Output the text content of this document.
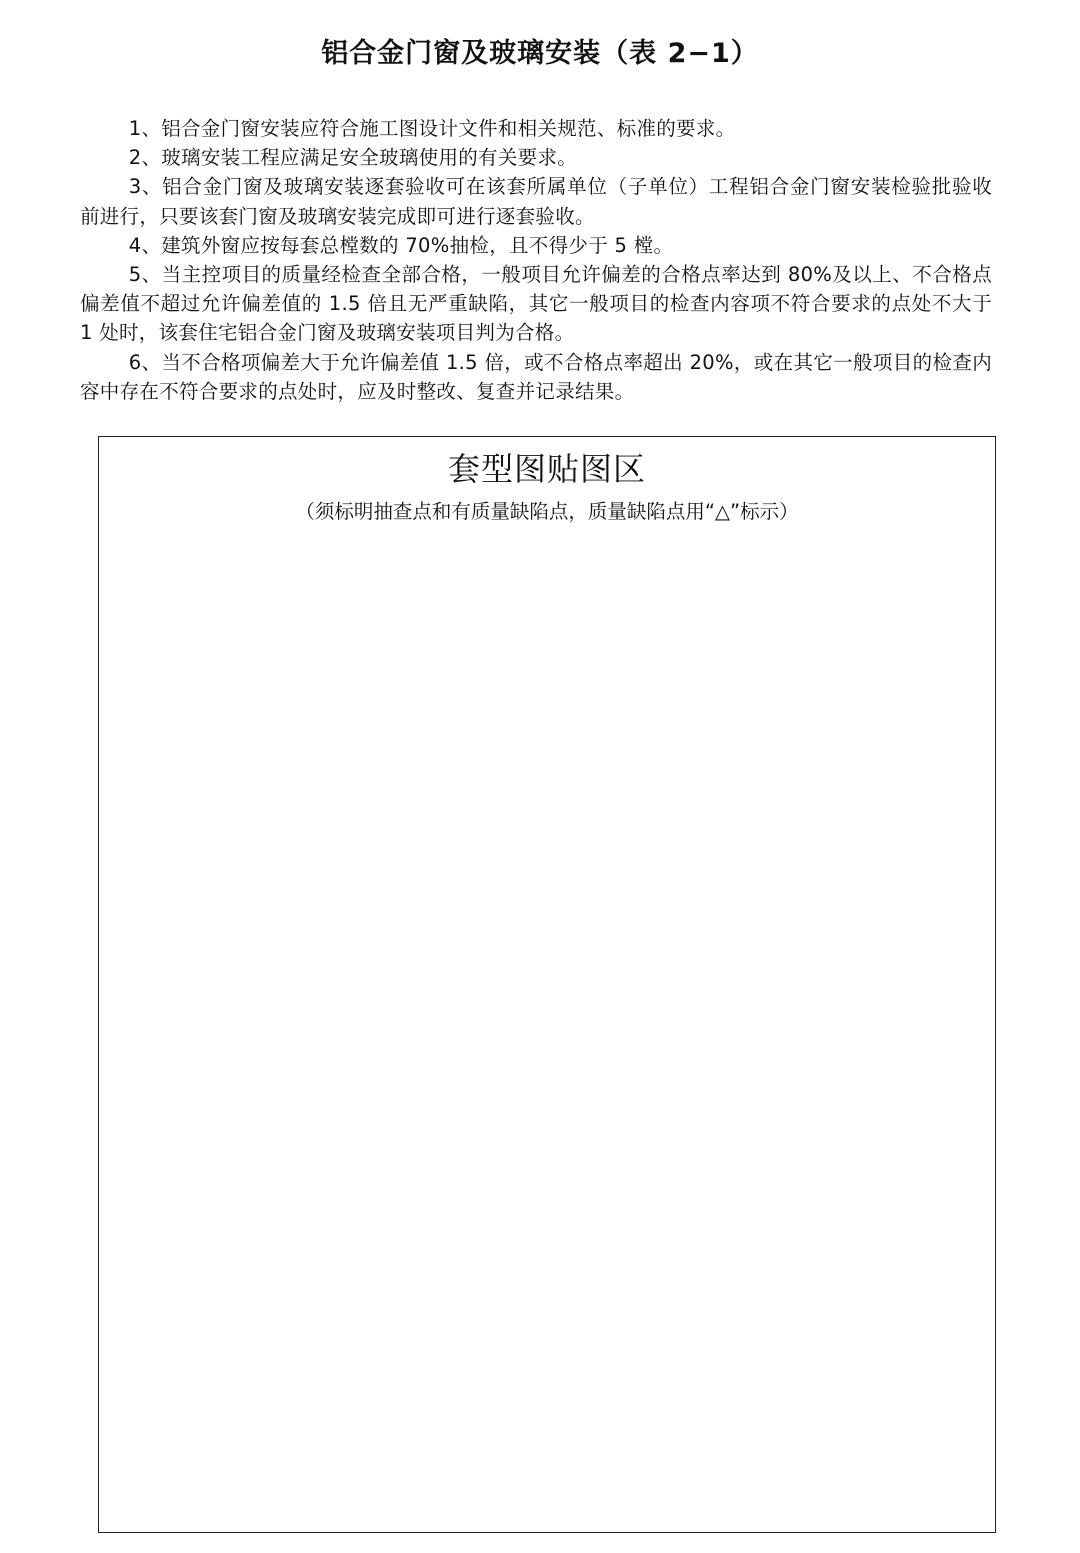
铝合金门窗及玻璃安装（表 2−1）

1、铝合金门窗安装应符合施工图设计文件和相关规范、标准的要求。

2、玻璃安装工程应满足安全玻璃使用的有关要求。

3、铝合金门窗及玻璃安装逐套验收可在该套所属单位（子单位）工程铝合金门窗安装检验批验收前进行，只要该套门窗及玻璃安装完成即可进行逐套验收。

4、建筑外窗应按每套总樘数的 70%抽检，且不得少于 5 樘。

5、当主控项目的质量经检查全部合格，一般项目允许偏差的合格点率达到 80%及以上、不合格点偏差值不超过允许偏差值的 1.5 倍且无严重缺陷，其它一般项目的检查内容项不符合要求的点处不大于 1 处时，该套住宅铝合金门窗及玻璃安装项目判为合格。

6、当不合格项偏差大于允许偏差值 1.5 倍，或不合格点率超出 20%，或在其它一般项目的检查内容中存在不符合要求的点处时，应及时整改、复查并记录结果。

套型图贴图区
（须标明抽查点和有质量缺陷点，质量缺陷点用“△”标示）
